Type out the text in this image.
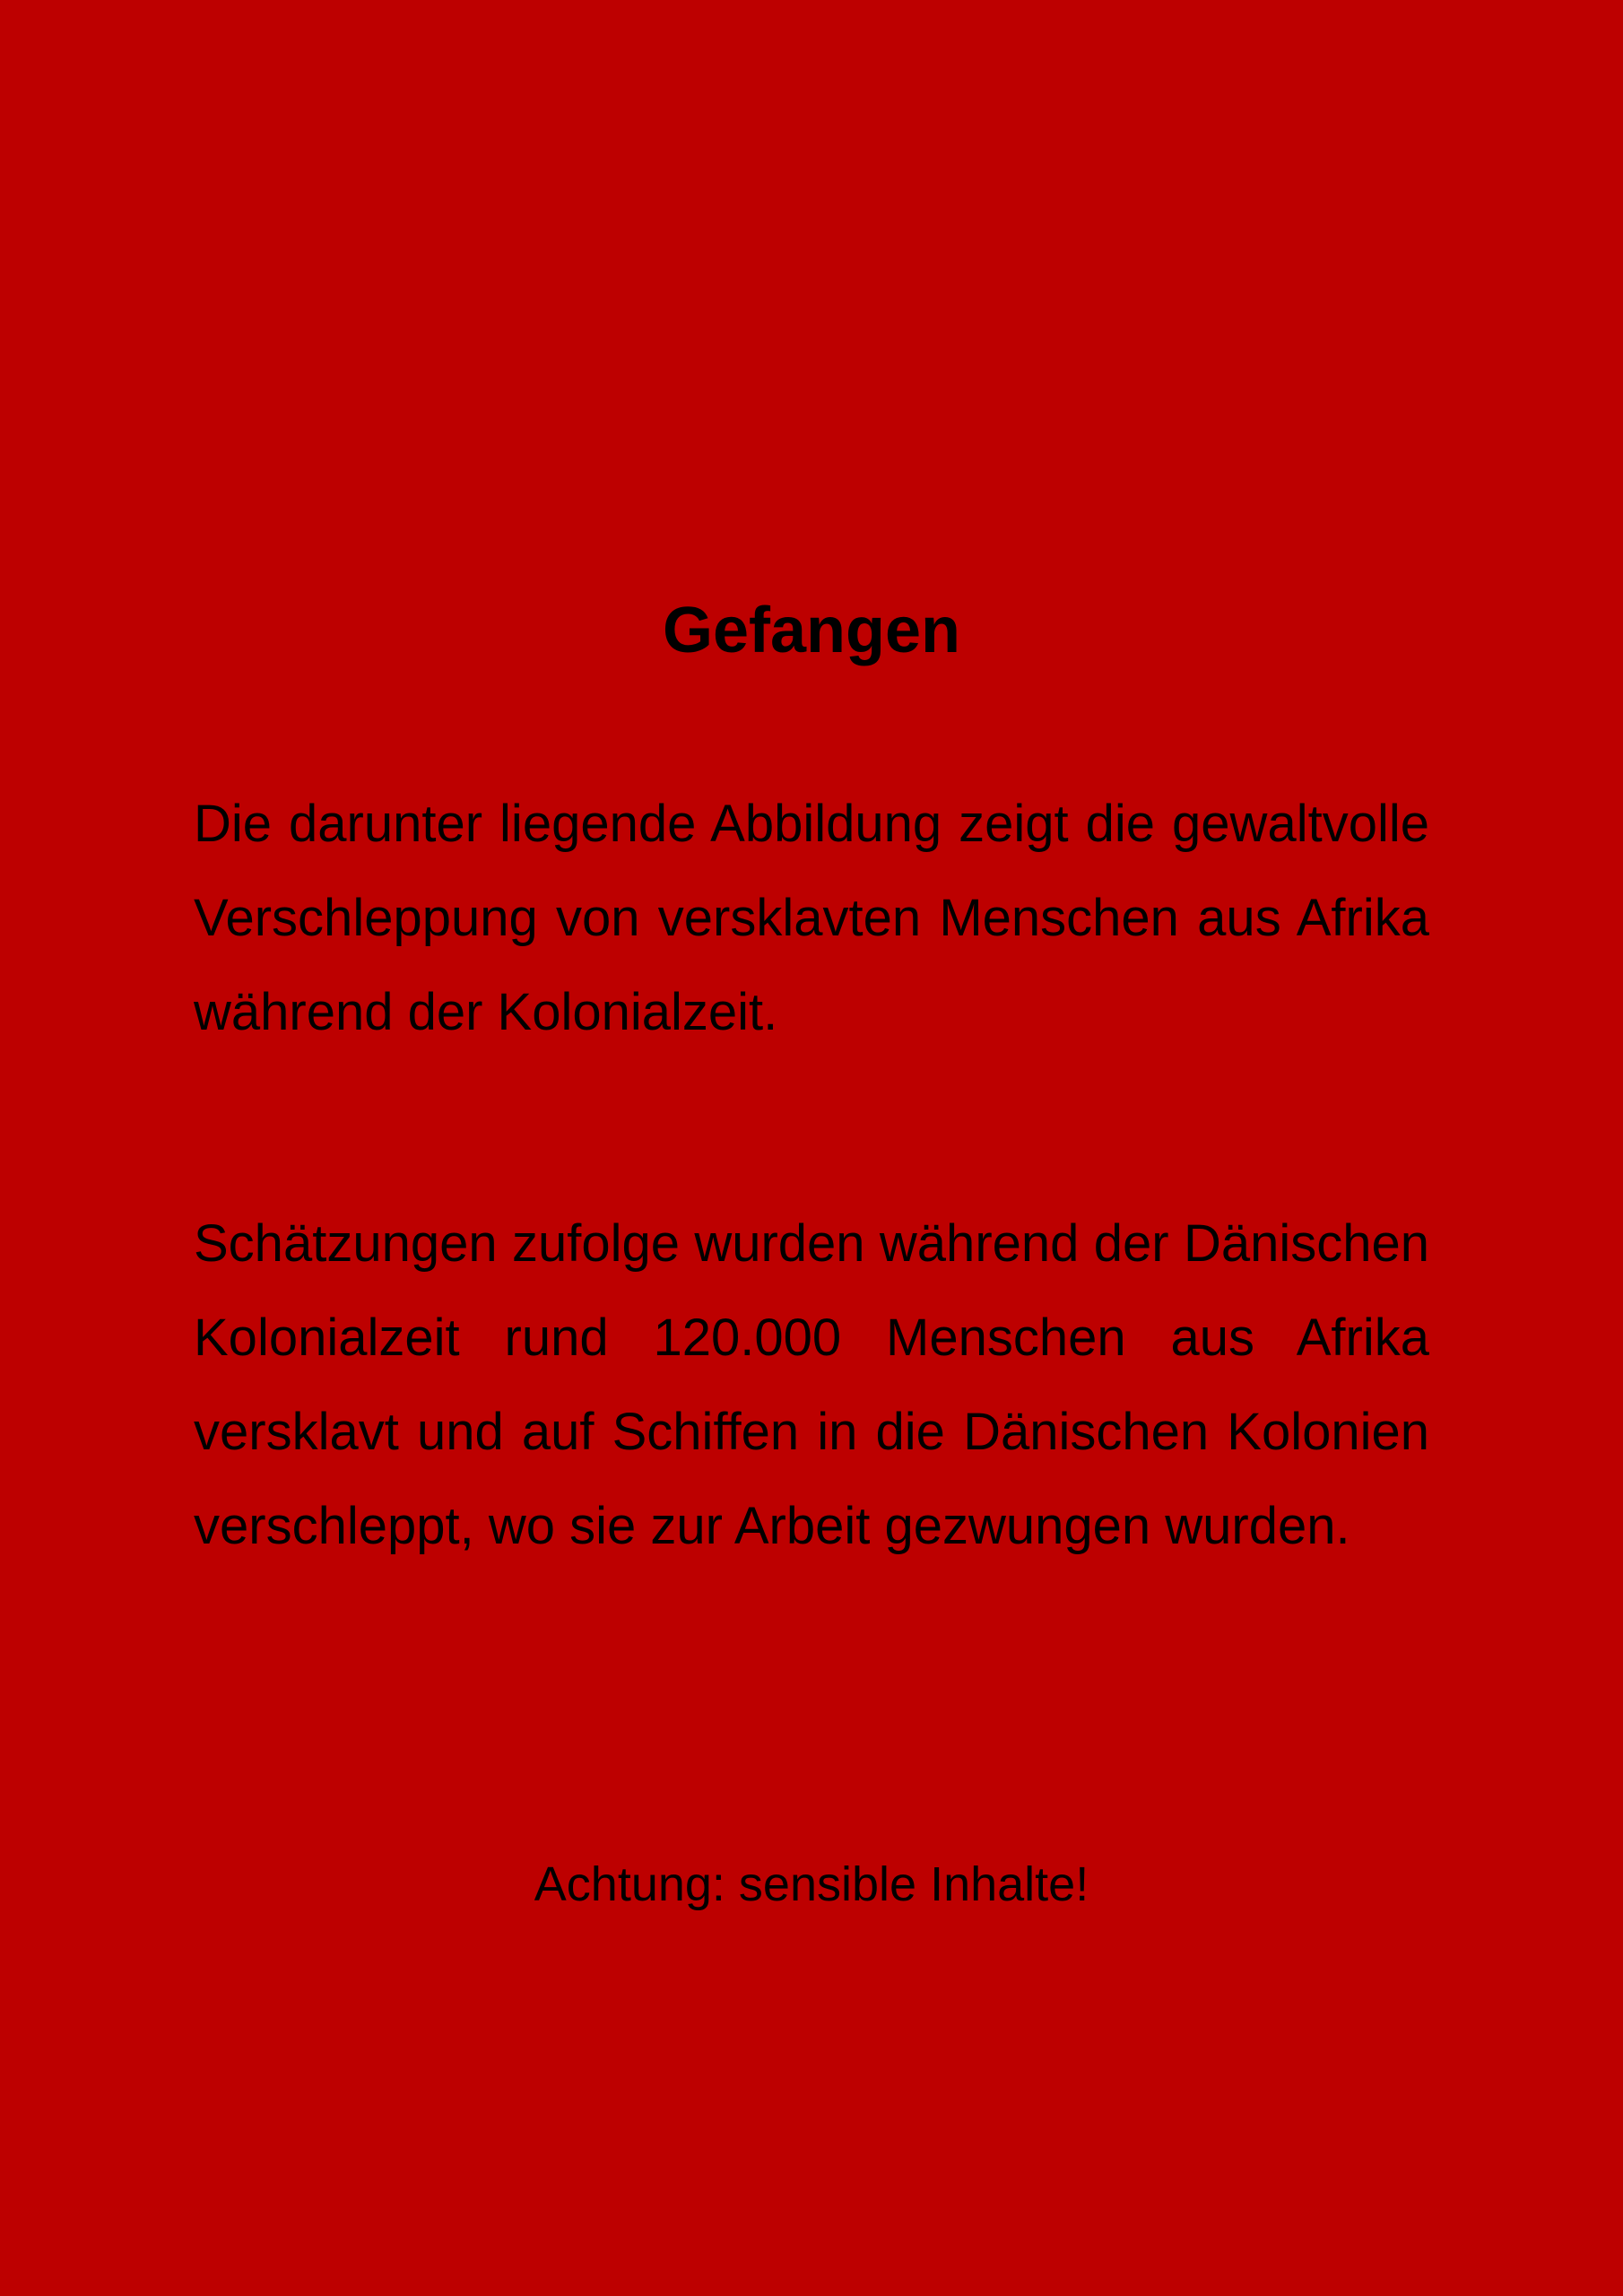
Gefangen

Die darunter liegende Abbildung zeigt die gewaltvolle Verschleppung von versklavten Menschen aus Afrika während der Kolonialzeit.

Schätzungen zufolge wurden während der Dänischen Kolonialzeit rund 120.000 Menschen aus Afrika versklavt und auf Schiffen in die Dänischen Kolonien verschleppt, wo sie zur Arbeit gezwungen wurden.

Achtung: sensible Inhalte!
